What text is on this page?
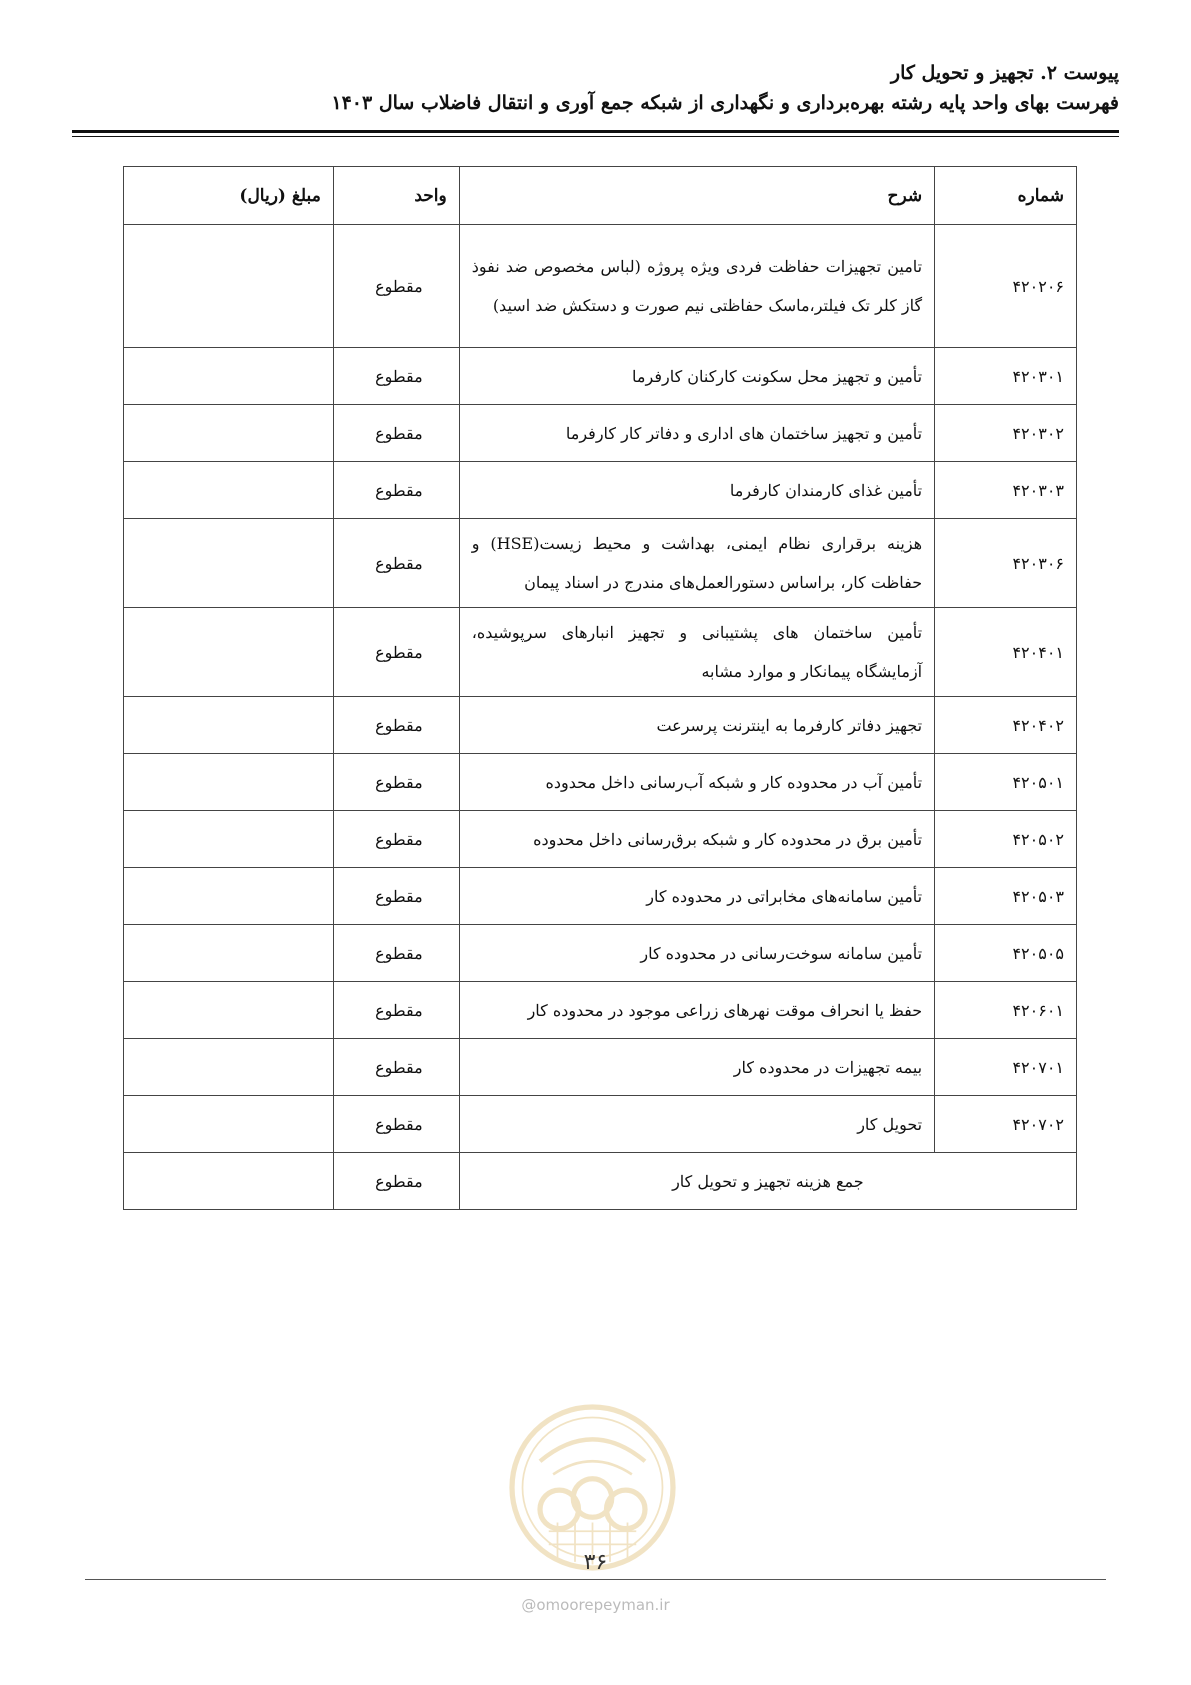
پیوست ۲. تجهیز و تحویل کار
فهرست بهای واحد پایه رشته بهره‌برداری و نگهداری از شبکه جمع آوری و انتقال فاضلاب سال ۱۴۰۳
شماره	شرح	واحد	مبلغ (ریال)
۴۲۰۲۰۶	تامین تجهیزات حفاظت فردی ویژه پروژه (لباس مخصوص ضد نفوذ گاز کلر تک فیلتر،ماسک حفاظتی نیم صورت و دستکش ضد اسید)	مقطوع	
۴۲۰۳۰۱	تأمین و تجهیز محل سکونت کارکنان کارفرما	مقطوع	
۴۲۰۳۰۲	تأمین و تجهیز ساختمان های اداری و دفاتر کار کارفرما	مقطوع	
۴۲۰۳۰۳	تأمین غذای کارمندان کارفرما	مقطوع	
۴۲۰۳۰۶	هزینه برقراری نظام ایمنی، بهداشت و محیط زیست(HSE) و حفاظت کار، براساس دستورالعمل‌های مندرج در اسناد پیمان	مقطوع	
۴۲۰۴۰۱	تأمین ساختمان های پشتیبانی و تجهیز انبارهای سرپوشیده، آزمایشگاه پیمانکار و موارد مشابه	مقطوع	
۴۲۰۴۰۲	تجهیز دفاتر کارفرما به اینترنت پرسرعت	مقطوع	
۴۲۰۵۰۱	تأمین آب در محدوده کار و شبکه آب‌رسانی داخل محدوده	مقطوع	
۴۲۰۵۰۲	تأمین برق در محدوده کار و شبکه برق‌رسانی داخل محدوده	مقطوع	
۴۲۰۵۰۳	تأمین سامانه‌های مخابراتی در محدوده کار	مقطوع	
۴۲۰۵۰۵	تأمین سامانه سوخت‌رسانی در محدوده کار	مقطوع	
۴۲۰۶۰۱	حفظ یا انحراف موقت نهرهای زراعی موجود در محدوده کار	مقطوع	
۴۲۰۷۰۱	بیمه تجهیزات در محدوده کار	مقطوع	
۴۲۰۷۰۲	تحویل کار	مقطوع	
جمع هزینه تجهیز و تحویل کار		مقطوع	
۳۶
@omoorepeyman.ir
